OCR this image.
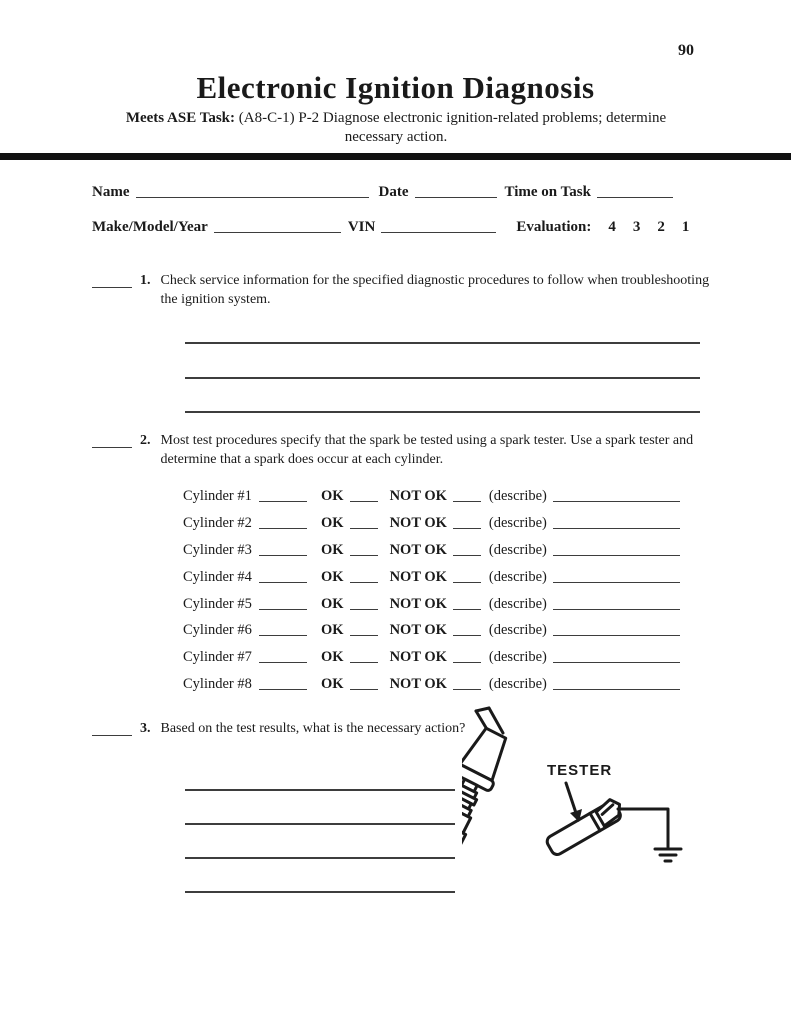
90
Electronic Ignition Diagnosis
Meets ASE Task: (A8-C-1) P-2 Diagnose electronic ignition-related problems; determine necessary action.
Name	Date	Time on Task
Make/Model/Year	VIN	Evaluation: 4 3 2 1
1. Check service information for the specified diagnostic procedures to follow when troubleshooting the ignition system.
2. Most test procedures specify that the spark be tested using a spark tester. Use a spark tester and determine that a spark does occur at each cylinder.
Cylinder #1	OK	NOT OK	(describe)
Cylinder #2	OK	NOT OK	(describe)
Cylinder #3	OK	NOT OK	(describe)
Cylinder #4	OK	NOT OK	(describe)
Cylinder #5	OK	NOT OK	(describe)
Cylinder #6	OK	NOT OK	(describe)
Cylinder #7	OK	NOT OK	(describe)
Cylinder #8	OK	NOT OK	(describe)
3. Based on the test results, what is the necessary action?
TESTER
